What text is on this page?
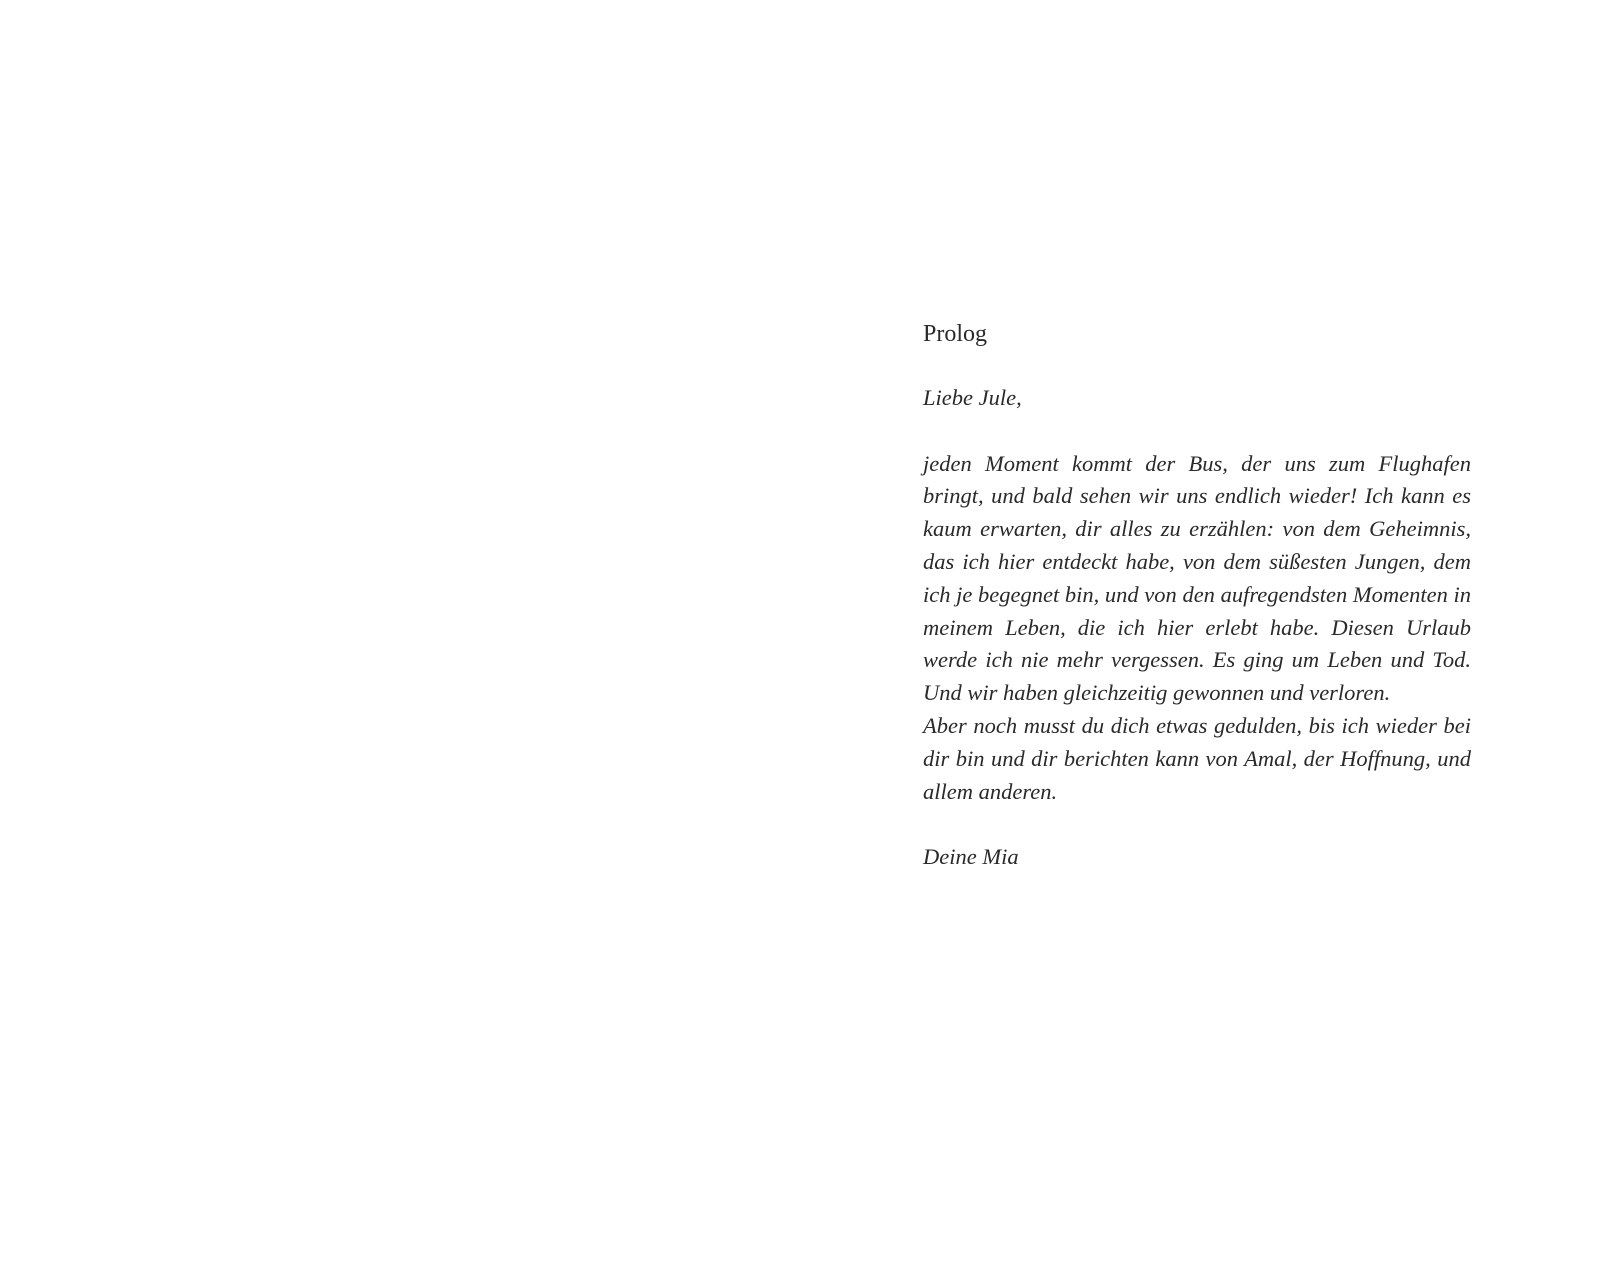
Prolog

Liebe Jule,

jeden Moment kommt der Bus, der uns zum Flughafen bringt, und bald sehen wir uns endlich wieder! Ich kann es kaum erwarten, dir alles zu erzählen: von dem Geheimnis, das ich hier entdeckt habe, von dem süßesten Jungen, dem ich je begegnet bin, und von den aufregendsten Momenten in meinem Leben, die ich hier erlebt habe. Diesen Urlaub werde ich nie mehr vergessen. Es ging um Leben und Tod. Und wir haben gleichzeitig gewonnen und verloren.

Aber noch musst du dich etwas gedulden, bis ich wieder bei dir bin und dir berichten kann von Amal, der Hoffnung, und allem anderen.

Deine Mia
